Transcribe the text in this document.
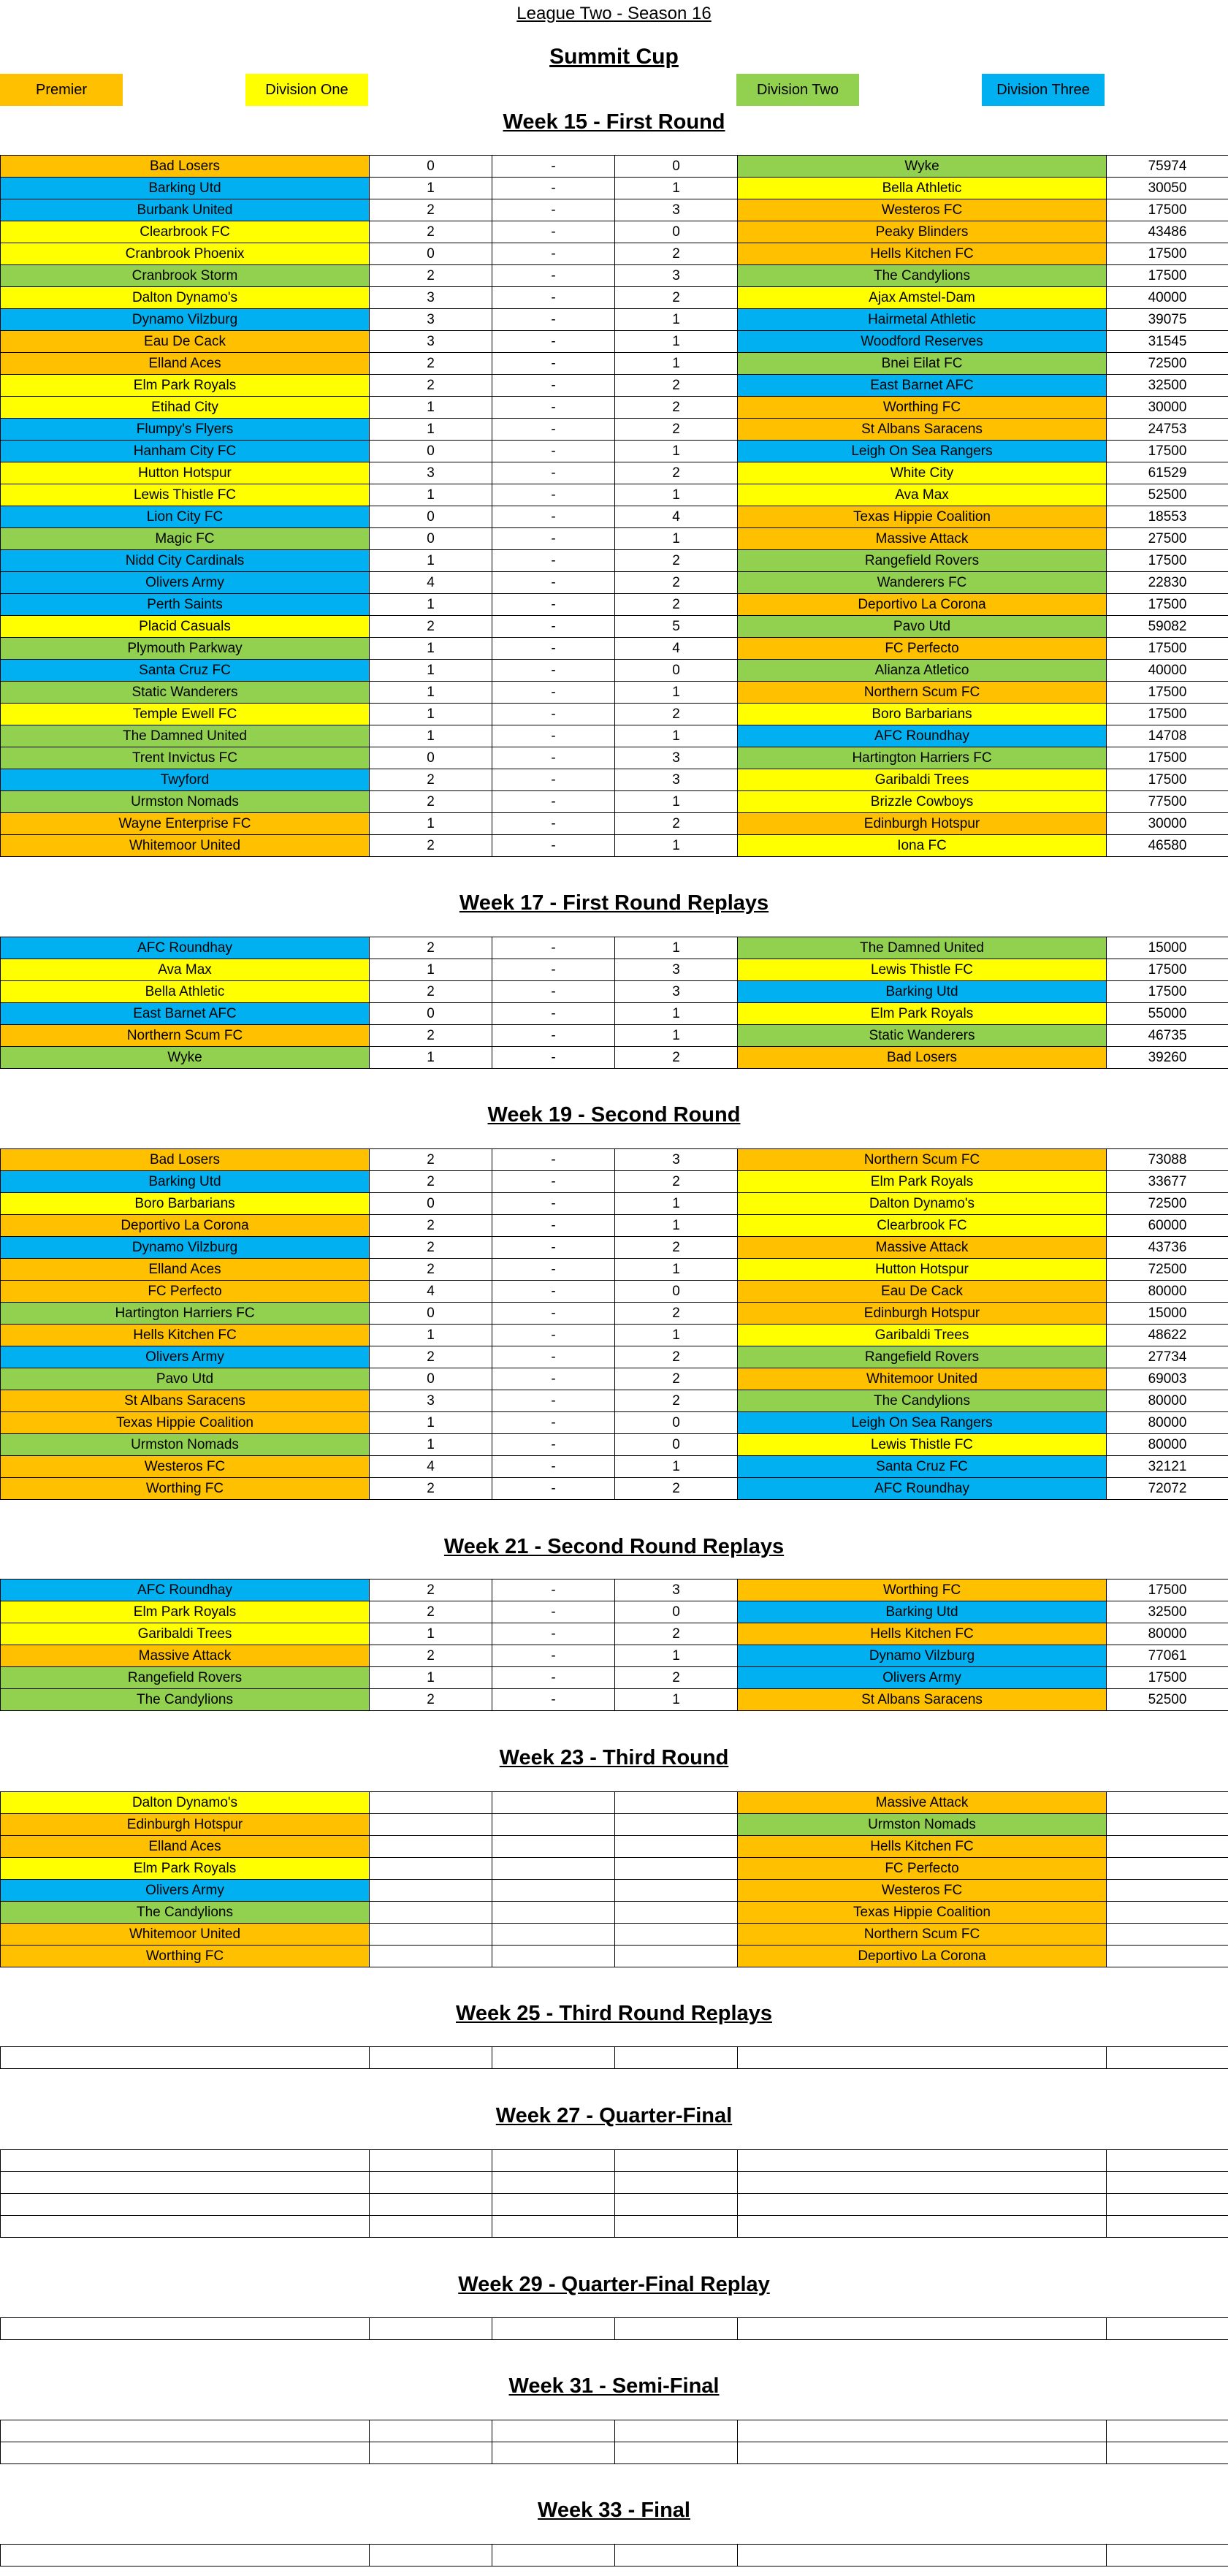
League Two - Season 16
Summit Cup
Premier	Division One	Division Two	Division Three
Week 15 - First Round
Bad Losers	0	-	0	Wyke	75974
Barking Utd	1	-	1	Bella Athletic	30050
Burbank United	2	-	3	Westeros FC	17500
Clearbrook FC	2	-	0	Peaky Blinders	43486
Cranbrook Phoenix	0	-	2	Hells Kitchen FC	17500
Cranbrook Storm	2	-	3	The Candylions	17500
Dalton Dynamo's	3	-	2	Ajax Amstel-Dam	40000
Dynamo Vilzburg	3	-	1	Hairmetal Athletic	39075
Eau De Cack	3	-	1	Woodford Reserves	31545
Elland Aces	2	-	1	Bnei Eilat FC	72500
Elm Park Royals	2	-	2	East Barnet AFC	32500
Etihad City	1	-	2	Worthing FC	30000
Flumpy's Flyers	1	-	2	St Albans Saracens	24753
Hanham City FC	0	-	1	Leigh On Sea Rangers	17500
Hutton Hotspur	3	-	2	White City	61529
Lewis Thistle FC	1	-	1	Ava Max	52500
Lion City FC	0	-	4	Texas Hippie Coalition	18553
Magic FC	0	-	1	Massive Attack	27500
Nidd City Cardinals	1	-	2	Rangefield Rovers	17500
Olivers Army	4	-	2	Wanderers FC	22830
Perth Saints	1	-	2	Deportivo La Corona	17500
Placid Casuals	2	-	5	Pavo Utd	59082
Plymouth Parkway	1	-	4	FC Perfecto	17500
Santa Cruz FC	1	-	0	Alianza Atletico	40000
Static Wanderers	1	-	1	Northern Scum FC	17500
Temple Ewell FC	1	-	2	Boro Barbarians	17500
The Damned United	1	-	1	AFC Roundhay	14708
Trent Invictus FC	0	-	3	Hartington Harriers FC	17500
Twyford	2	-	3	Garibaldi Trees	17500
Urmston Nomads	2	-	1	Brizzle Cowboys	77500
Wayne Enterprise FC	1	-	2	Edinburgh Hotspur	30000
Whitemoor United	2	-	1	Iona FC	46580
Week 17 - First Round Replays
AFC Roundhay	2	-	1	The Damned United	15000
Ava Max	1	-	3	Lewis Thistle FC	17500
Bella Athletic	2	-	3	Barking Utd	17500
East Barnet AFC	0	-	1	Elm Park Royals	55000
Northern Scum FC	2	-	1	Static Wanderers	46735
Wyke	1	-	2	Bad Losers	39260
Week 19 - Second Round
Bad Losers	2	-	3	Northern Scum FC	73088
Barking Utd	2	-	2	Elm Park Royals	33677
Boro Barbarians	0	-	1	Dalton Dynamo's	72500
Deportivo La Corona	2	-	1	Clearbrook FC	60000
Dynamo Vilzburg	2	-	2	Massive Attack	43736
Elland Aces	2	-	1	Hutton Hotspur	72500
FC Perfecto	4	-	0	Eau De Cack	80000
Hartington Harriers FC	0	-	2	Edinburgh Hotspur	15000
Hells Kitchen FC	1	-	1	Garibaldi Trees	48622
Olivers Army	2	-	2	Rangefield Rovers	27734
Pavo Utd	0	-	2	Whitemoor United	69003
St Albans Saracens	3	-	2	The Candylions	80000
Texas Hippie Coalition	1	-	0	Leigh On Sea Rangers	80000
Urmston Nomads	1	-	0	Lewis Thistle FC	80000
Westeros FC	4	-	1	Santa Cruz FC	32121
Worthing FC	2	-	2	AFC Roundhay	72072
Week 21 - Second Round Replays
AFC Roundhay	2	-	3	Worthing FC	17500
Elm Park Royals	2	-	0	Barking Utd	32500
Garibaldi Trees	1	-	2	Hells Kitchen FC	80000
Massive Attack	2	-	1	Dynamo Vilzburg	77061
Rangefield Rovers	1	-	2	Olivers Army	17500
The Candylions	2	-	1	St Albans Saracens	52500
Week 23 - Third Round
Dalton Dynamo's				Massive Attack	
Edinburgh Hotspur				Urmston Nomads	
Elland Aces				Hells Kitchen FC	
Elm Park Royals				FC Perfecto	
Olivers Army				Westeros FC	
The Candylions				Texas Hippie Coalition	
Whitemoor United				Northern Scum FC	
Worthing FC				Deportivo La Corona	
Week 25 - Third Round Replays

Week 27 - Quarter-Final

Week 29 - Quarter-Final Replay

Week 31 - Semi-Final

Week 33 - Final
